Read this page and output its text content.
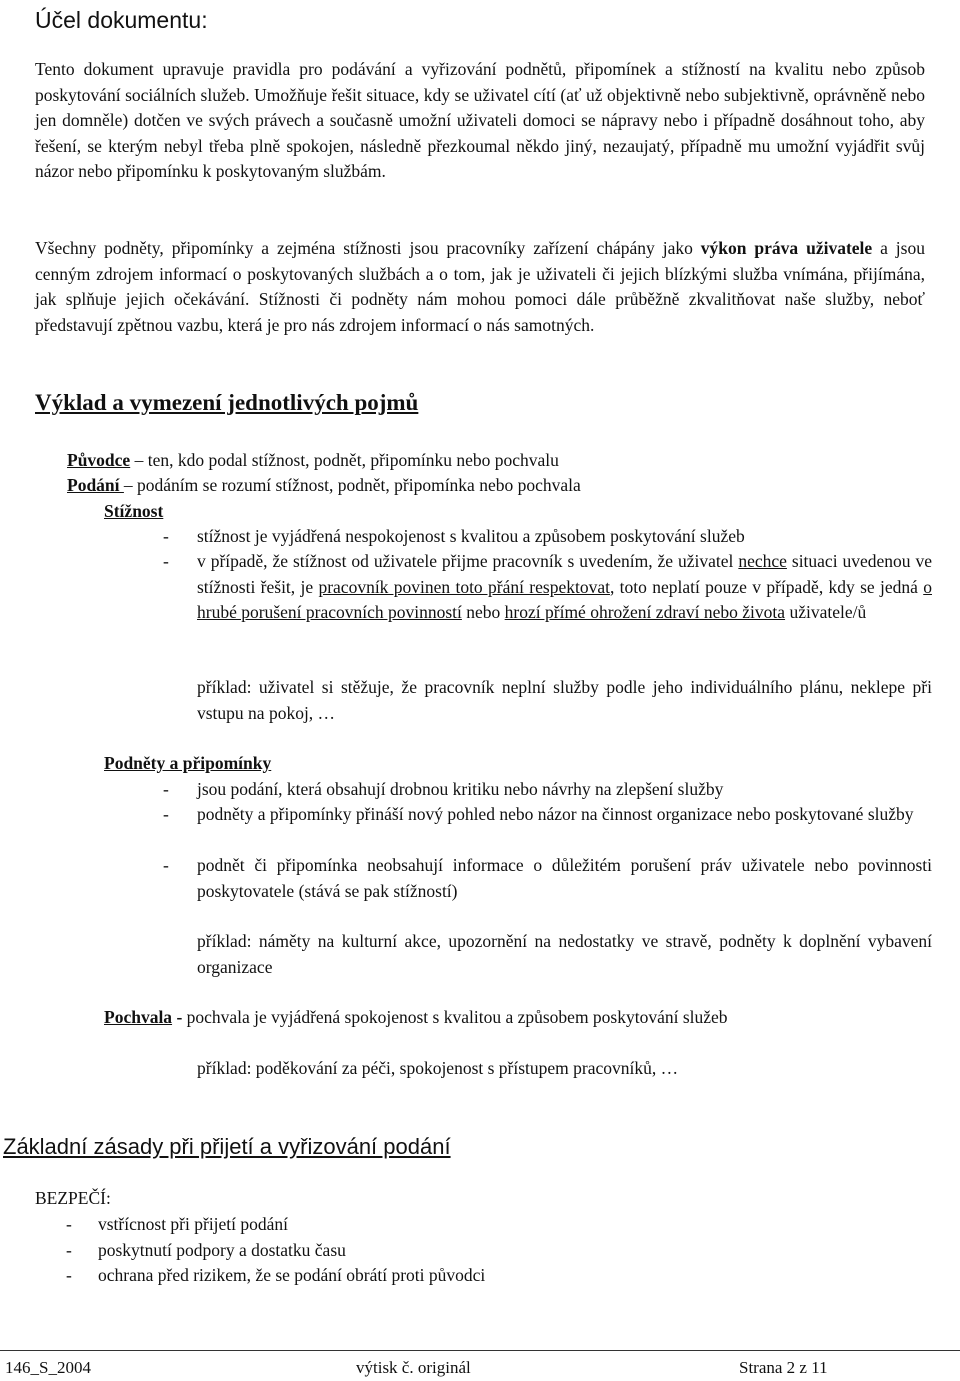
Účel dokumentu:
Tento dokument upravuje pravidla pro podávání a vyřizování podnětů, připomínek a stížností na kvalitu nebo způsob poskytování sociálních služeb. Umožňuje řešit situace, kdy se uživatel cítí (ať už objektivně nebo subjektivně, oprávněně nebo jen domněle) dotčen ve svých právech a současně umožní uživateli domoci se nápravy nebo i případně dosáhnout toho, aby řešení, se kterým nebyl třeba plně spokojen, následně přezkoumal někdo jiný, nezaujatý, případně mu umožní vyjádřit svůj názor nebo připomínku k poskytovaným službám.
Všechny podněty, připomínky a zejména stížnosti jsou pracovníky zařízení chápány jako výkon práva uživatele a jsou cenným zdrojem informací o poskytovaných službách a o tom, jak je uživateli či jejich blízkými služba vnímána, přijímána, jak splňuje jejich očekávání. Stížnosti či podněty nám mohou pomoci dále průběžně zkvalitňovat naše služby, neboť představují zpětnou vazbu, která je pro nás zdrojem informací o nás samotných.
Výklad a vymezení jednotlivých pojmů
Původce – ten, kdo podal stížnost, podnět, připomínku nebo pochvalu
Podání – podáním se rozumí stížnost, podnět, připomínka nebo pochvala
Stížnost
- stížnost je vyjádřená nespokojenost s kvalitou a způsobem poskytování služeb
- v případě, že stížnost od uživatele přijme pracovník s uvedením, že uživatel nechce situaci uvedenou ve stížnosti řešit, je pracovník povinen toto přání respektovat, toto neplatí pouze v případě, kdy se jedná o hrubé porušení pracovních povinností nebo hrozí přímé ohrožení zdraví nebo života uživatele/ů
příklad: uživatel si stěžuje, že pracovník neplní služby podle jeho individuálního plánu, neklepe při vstupu na pokoj, …
Podněty a připomínky
- jsou podání, která obsahují drobnou kritiku nebo návrhy na zlepšení služby
- podněty a připomínky přináší nový pohled nebo názor na činnost organizace nebo poskytované služby
- podnět či připomínka neobsahují informace o důležitém porušení práv uživatele nebo povinnosti poskytovatele (stává se pak stížností)
příklad: náměty na kulturní akce, upozornění na nedostatky ve stravě, podněty k doplnění vybavení organizace
Pochvala - pochvala je vyjádřená spokojenost s kvalitou a způsobem poskytování služeb
příklad: poděkování za péči, spokojenost s přístupem pracovníků, …
Základní zásady při přijetí a vyřizování podání
BEZPEČÍ:
- vstřícnost při přijetí podání
- poskytnutí podpory a dostatku času
- ochrana před rizikem, že se podání obrátí proti původci
146_S_2004	výtisk č. originál	Strana 2 z 11
